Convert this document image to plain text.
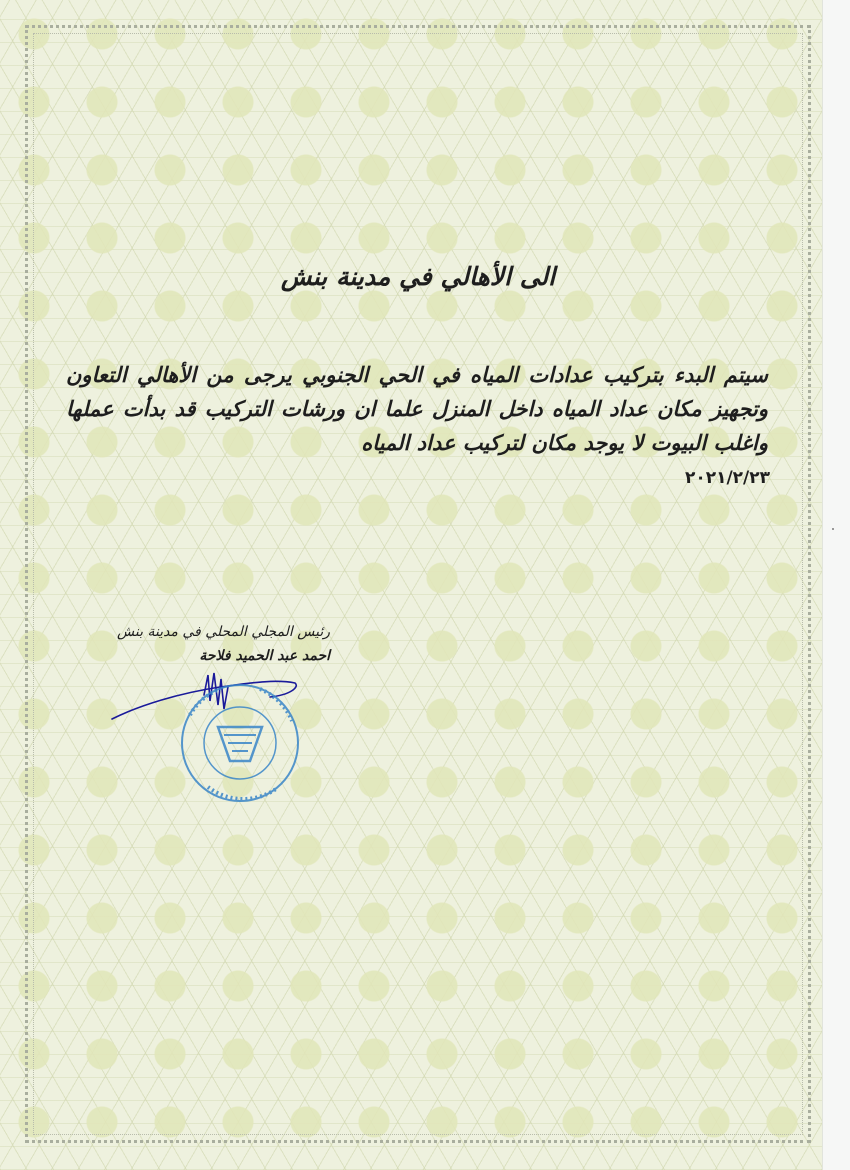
الى الأهالي في مدينة بنش

سيتم البدء بتركيب عدادات المياه في الحي الجنوبي يرجى من الأهالي التعاون وتجهيز مكان عداد المياه داخل المنزل علما ان ورشات التركيب قد بدأت عملها واغلب البيوت لا يوجد مكان لتركيب عداد المياه

٢٠٢١/٢/٢٣
رئيس المجلي المحلي في مدينة بنش
احمد عبد الحميد فلاحة
